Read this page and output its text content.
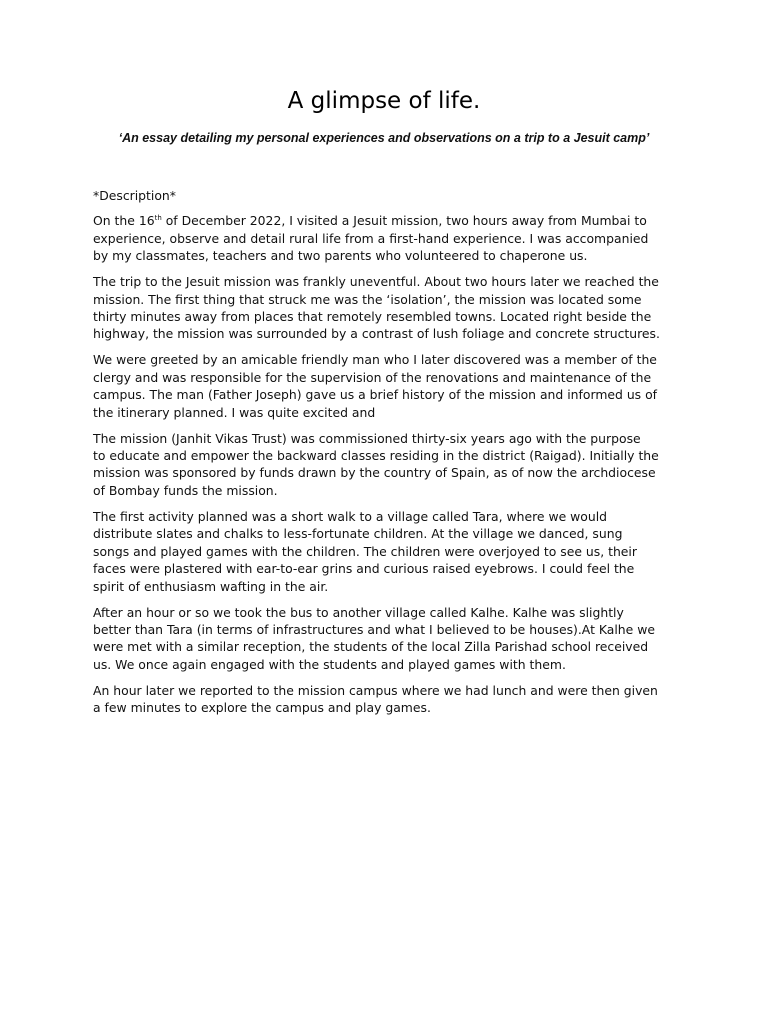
A glimpse of life.

‘An essay detailing my personal experiences and observations on a trip to a Jesuit camp’

*Description*

On the 16th of December 2022, I visited a Jesuit mission, two hours away from Mumbai to
experience, observe and detail rural life from a first-hand experience. I was accompanied
by my classmates, teachers and two parents who volunteered to chaperone us.

The trip to the Jesuit mission was frankly uneventful. About two hours later we reached the
mission. The first thing that struck me was the ‘isolation’, the mission was located some
thirty minutes away from places that remotely resembled towns. Located right beside the
highway, the mission was surrounded by a contrast of lush foliage and concrete structures.

We were greeted by an amicable friendly man who I later discovered was a member of the
clergy and was responsible for the supervision of the renovations and maintenance of the
campus. The man (Father Joseph) gave us a brief history of the mission and informed us of
the itinerary planned. I was quite excited and

The mission (Janhit Vikas Trust) was commissioned thirty-six years ago with the purpose
to educate and empower the backward classes residing in the district (Raigad). Initially the
mission was sponsored by funds drawn by the country of Spain, as of now the archdiocese
of Bombay funds the mission.

The first activity planned was a short walk to a village called Tara, where we would
distribute slates and chalks to less-fortunate children. At the village we danced, sung
songs and played games with the children. The children were overjoyed to see us, their
faces were plastered with ear-to-ear grins and curious raised eyebrows. I could feel the
spirit of enthusiasm wafting in the air.

After an hour or so we took the bus to another village called Kalhe. Kalhe was slightly
better than Tara (in terms of infrastructures and what I believed to be houses).At Kalhe we
were met with a similar reception, the students of the local Zilla Parishad school received
us. We once again engaged with the students and played games with them.

An hour later we reported to the mission campus where we had lunch and were then given
a few minutes to explore the campus and play games.
